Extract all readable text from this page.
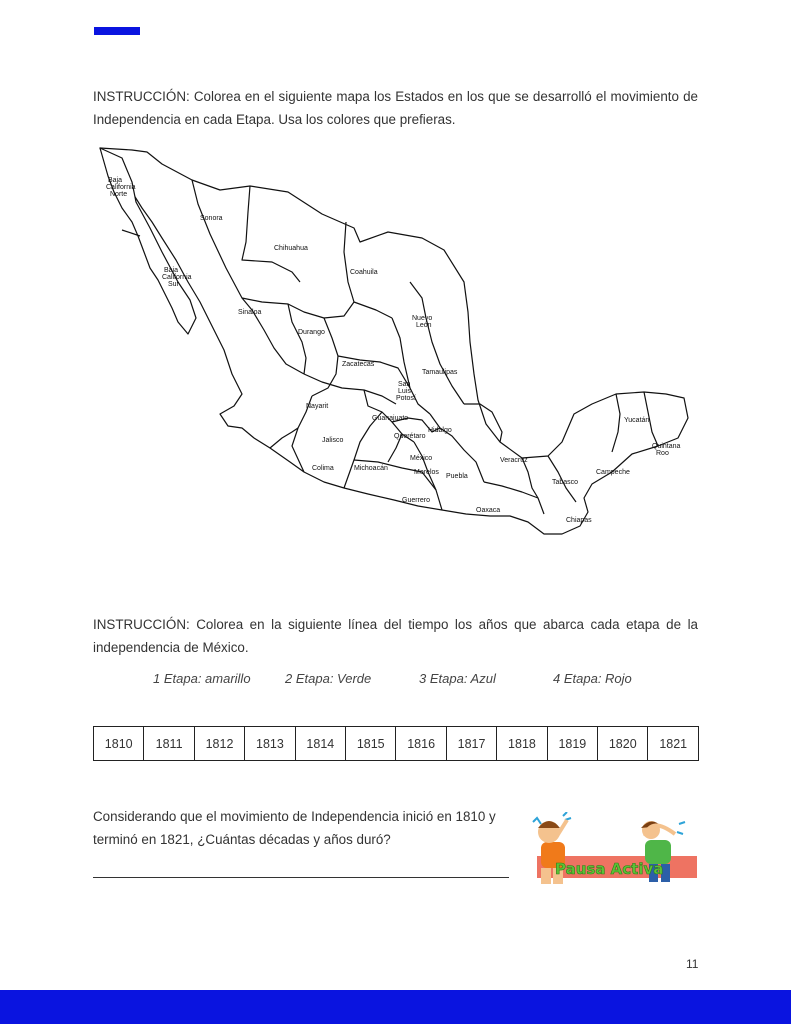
INSTRUCCIÓN: Colorea en el siguiente mapa los Estados en los que se desarrolló el movimiento de Independencia en cada Etapa. Usa los colores que prefieras.

Baja
California
Norte
Sonora
Chihuahua
Coahuila
Baja
California
Sur
Sinaloa
Nuevo
León
Durango
Zacatecas
Tamaulipas
San
Luis
Potosí
Nayarit
Guanajuato	Yucatán
Hidalgo
Querétaro
Quintana
Roo
Jalisco
Colima	Michoacán
México
Morelos
Puebla
Veracruz
Campeche
Tabasco
Guerrero
Oaxaca
Chiapas

INSTRUCCIÓN: Colorea en la siguiente línea del tiempo los años que abarca cada etapa de la independencia de México.

1 Etapa: amarillo	2 Etapa: Verde	3 Etapa: Azul	4 Etapa: Rojo
1810	1811	1812	1813	1814	1815	1816	1817	1818	1819	1820	1821

Considerando que el movimiento de Independencia inició en 1810 y terminó en 1821, ¿Cuántas décadas y años duró?

Pausa Activa
11
